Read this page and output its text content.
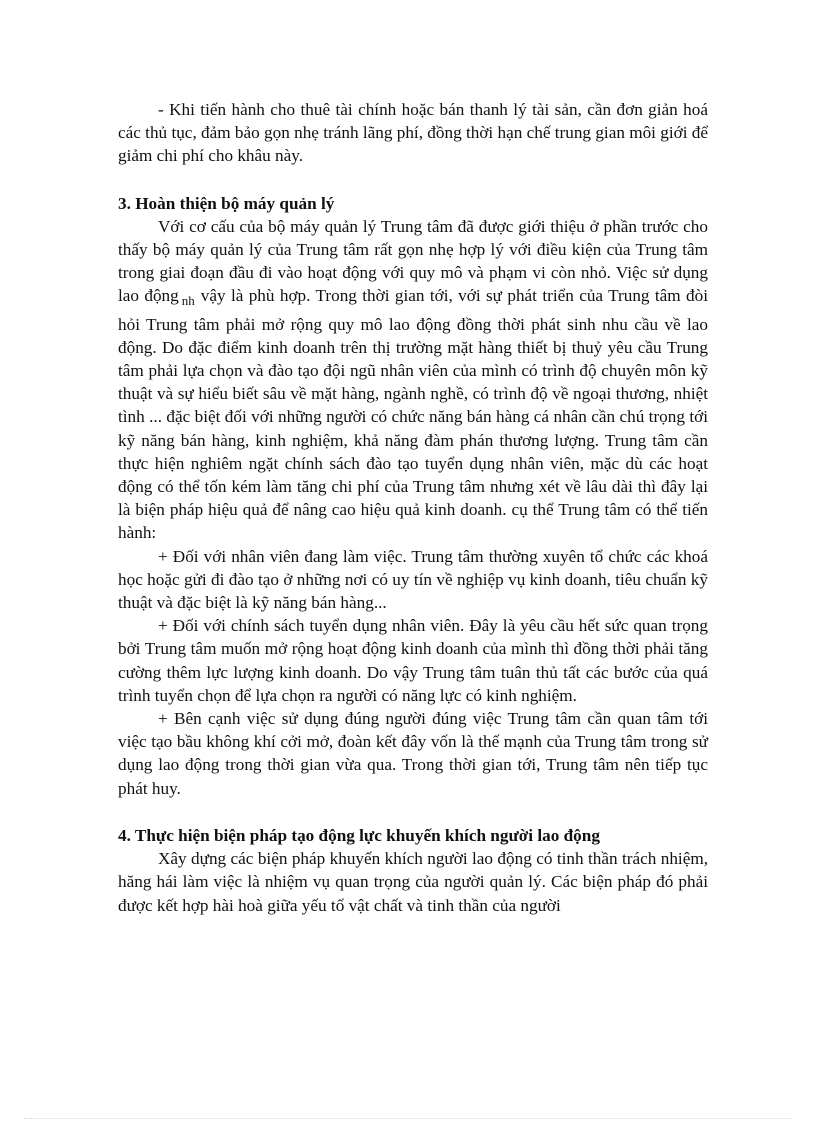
- Khi tiến hành cho thuê tài chính hoặc bán thanh lý tài sản, cần đơn giản hoá các thủ tục, đảm bảo gọn nhẹ tránh lãng phí, đồng thời hạn chế trung gian môi giới để giảm chi phí cho khâu này.

3. Hoàn thiện bộ máy quản lý

Với cơ cấu của bộ máy quản lý Trung tâm đã được giới thiệu ở phần trước cho thấy bộ máy quản lý của Trung tâm rất gọn nhẹ hợp lý với điều kiện của Trung tâm trong giai đoạn đầu đi vào hoạt động với quy mô và phạm vi còn nhỏ. Việc sử dụng lao động $_{nh}$ vậy là phù hợp. Trong thời gian tới, với sự phát triển của Trung tâm đòi hỏi Trung tâm phải mở rộng quy mô lao động đồng thời phát sinh nhu cầu về lao động. Do đặc điểm kinh doanh trên thị trường mặt hàng thiết bị thuỷ yêu cầu Trung tâm phải lựa chọn và đào tạo đội ngũ nhân viên của mình có trình độ chuyên môn kỹ thuật và sự hiểu biết sâu về mặt hàng, ngành nghề, có trình độ về ngoại thương, nhiệt tình ... đặc biệt đối với những người có chức năng bán hàng cá nhân cần chú trọng tới kỹ năng bán hàng, kinh nghiệm, khả năng đàm phán thương lượng. Trung tâm cần thực hiện nghiêm ngặt chính sách đào tạo tuyển dụng nhân viên, mặc dù các hoạt động có thể tốn kém làm tăng chi phí của Trung tâm nhưng xét về lâu dài thì đây lại là biện pháp hiệu quả để nâng cao hiệu quả kinh doanh. cụ thể Trung tâm có thể tiến hành:

+ Đối với nhân viên đang làm việc. Trung tâm thường xuyên tổ chức các khoá học hoặc gửi đi đào tạo ở những nơi có uy tín về nghiệp vụ kinh doanh, tiêu chuẩn kỹ thuật và đặc biệt là kỹ năng bán hàng...

+ Đối với chính sách tuyển dụng nhân viên. Đây là yêu cầu hết sức quan trọng bởi Trung tâm muốn mở rộng hoạt động kinh doanh của mình thì đồng thời phải tăng cường thêm lực lượng kinh doanh. Do vậy Trung tâm tuân thủ tất các bước của quá trình tuyển chọn để lựa chọn ra người có năng lực có kinh nghiệm.

+ Bên cạnh việc sử dụng đúng người đúng việc Trung tâm cần quan tâm tới việc tạo bầu không khí cởi mở, đoàn kết đây vốn là thế mạnh của Trung tâm trong sử dụng lao động trong thời gian vừa qua. Trong thời gian tới, Trung tâm nên tiếp tục phát huy.

4. Thực hiện biện pháp tạo động lực khuyến khích người lao động

Xây dựng các biện pháp khuyến khích người lao động có tinh thần trách nhiệm, hăng hái làm việc là nhiệm vụ quan trọng của người quản lý. Các biện pháp đó phải được kết hợp hài hoà giữa yếu tố vật chất và tinh thần của người
